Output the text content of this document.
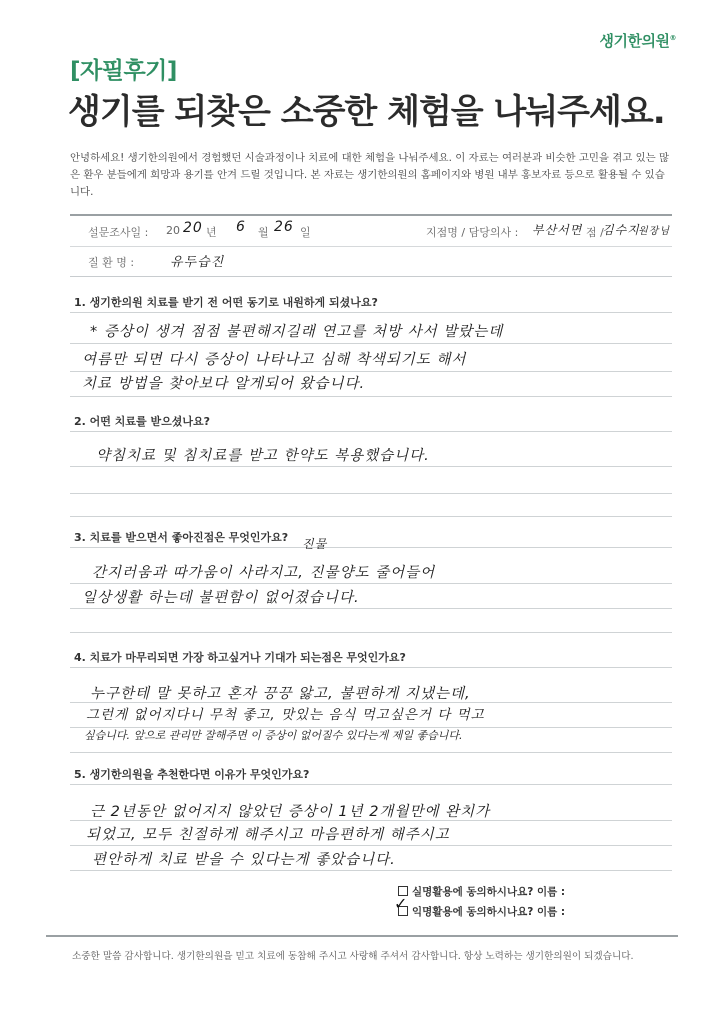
생기한의원®
[자필후기]
생기를 되찾은 소중한 체험을 나눠주세요.
안녕하세요! 생기한의원에서 경험했던 시술과정이나 치료에 대한 체험을 나눠주세요. 이 자료는 여러분과 비슷한 고민을 겪고 있는 많은 환우 분들에게 희망과 용기를 안겨 드릴 것입니다. 본 자료는 생기한의원의 홈페이지와 병원 내부 홍보자료 등으로 활용될 수 있습니다.
설문조사일 : 20 20 년 6 월 26 일	지점명 / 담당의사 : 부산서면 점 /
김수지
원장님
질 환 명 :	유두습진
1. 생기한의원 치료를 받기 전 어떤 동기로 내원하게 되셨나요?
* 증상이 생겨 점점 불편해지길래 연고를 처방 사서 발랐는데
여름만 되면 다시 증상이 나타나고 심해 착색되기도 해서
치료 방법을 찾아보다 알게되어 왔습니다.
2. 어떤 치료를 받으셨나요?
약침치료 및 침치료를 받고 한약도 복용했습니다.
3. 치료를 받으면서 좋아진점은 무엇인가요? 진물
간지러움과 따가움이 사라지고, 진물양도 줄어들어
일상생활 하는데 불편함이 없어졌습니다.
4. 치료가 마무리되면 가장 하고싶거나 기대가 되는점은 무엇인가요?
누구한테 말 못하고 혼자 끙끙 앓고, 불편하게 지냈는데,
그런게 없어지다니 무척 좋고, 맛있는 음식 먹고싶은거 다 먹고
싶습니다. 앞으로 관리만 잘해주면 이 증상이 없어질수 있다는게 제일 좋습니다.
5. 생기한의원을 추천한다면 이유가 무엇인가요?
근 2년동안 없어지지 않았던 증상이 1년 2개월만에 완치가
되었고, 모두 친절하게 해주시고 마음편하게 해주시고
편안하게 치료 받을 수 있다는게 좋았습니다.
실명활용에 동의하시나요? 이름 :
익명활용에 동의하시나요? 이름 :
✓
소중한 말씀 감사합니다. 생기한의원을 믿고 치료에 동참해 주시고 사랑해 주셔서 감사합니다. 항상 노력하는 생기한의원이 되겠습니다.
